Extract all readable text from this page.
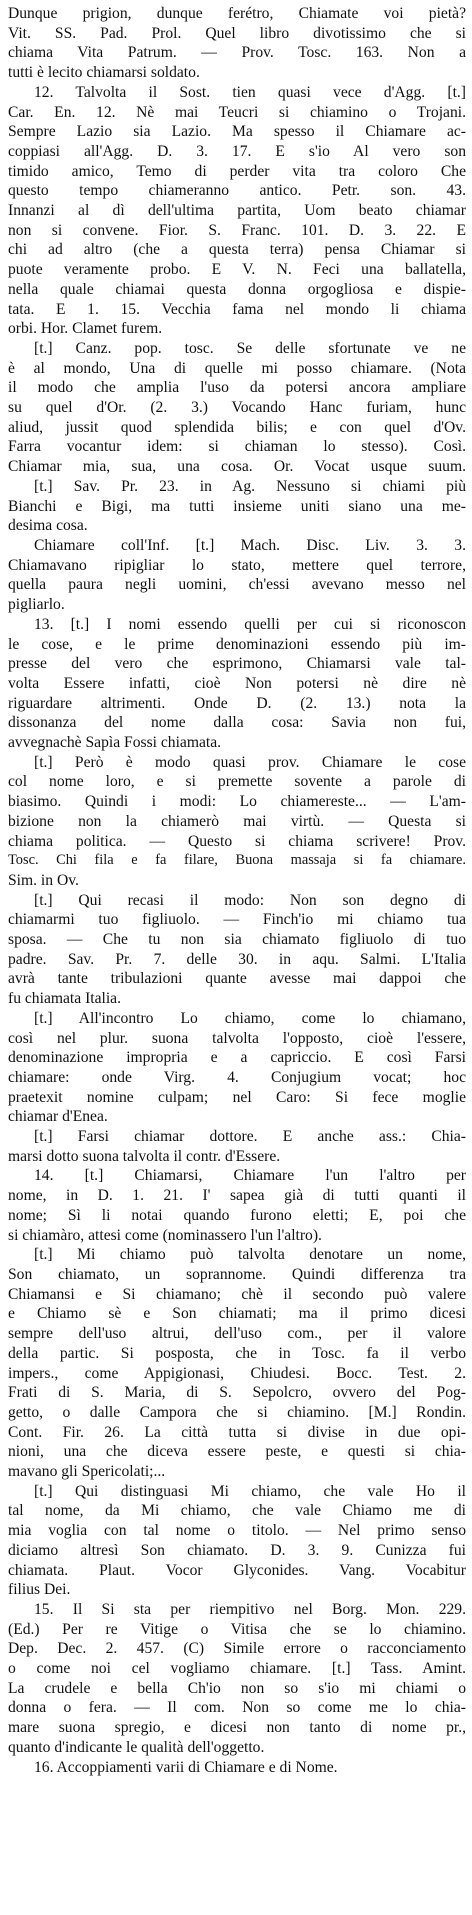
Dunque prigion, dunque ferétro, Chiamate voi pietà?
Vit. SS. Pad. Prol. Quel libro divotissimo che si
chiama Vita Patrum. — Prov. Tosc. 163. Non a
tutti è lecito chiamarsi soldato.
12. Talvolta il Sost. tien quasi vece d'Agg. [t.]
Car. En. 12. Nè mai Teucri si chiamino o Trojani.
Sempre Lazio sia Lazio. Ma spesso il Chiamare ac-
coppiasi all'Agg. D. 3. 17. E s'io Al vero son
timido amico, Temo di perder vita tra coloro Che
questo tempo chiameranno antico. Petr. son. 43.
Innanzi al dì dell'ultima partita, Uom beato chiamar
non si convene. Fior. S. Franc. 101. D. 3. 22. E
chi ad altro (che a questa terra) pensa Chiamar si
puote veramente probo. E V. N. Feci una ballatella,
nella quale chiamai questa donna orgogliosa e dispie-
tata. E 1. 15. Vecchia fama nel mondo li chiama
orbi. Hor. Clamet furem.
[t.] Canz. pop. tosc. Se delle sfortunate ve ne
è al mondo, Una di quelle mi posso chiamare. (Nota
il modo che amplia l'uso da potersi ancora ampliare
su quel d'Or. (2. 3.) Vocando Hanc furiam, hunc
aliud, jussit quod splendida bilis; e con quel d'Ov.
Farra vocantur idem: si chiaman lo stesso). Così.
Chiamar mia, sua, una cosa. Or. Vocat usque suum.
[t.] Sav. Pr. 23. in Ag. Nessuno si chiami più
Bianchi e Bigi, ma tutti insieme uniti siano una me-
desima cosa.
Chiamare coll'Inf. [t.] Mach. Disc. Liv. 3. 3.
Chiamavano ripigliar lo stato, mettere quel terrore,
quella paura negli uomini, ch'essi avevano messo nel
pigliarlo.
13. [t.] I nomi essendo quelli per cui si riconoscon
le cose, e le prime denominazioni essendo più im-
presse del vero che esprimono, Chiamarsi vale tal-
volta Essere infatti, cioè Non potersi nè dire nè
riguardare altrimenti. Onde D. (2. 13.) nota la
dissonanza del nome dalla cosa: Savia non fui,
avvegnachè Sapìa Fossi chiamata.
[t.] Però è modo quasi prov. Chiamare le cose
col nome loro, e si premette sovente a parole di
biasimo. Quindi i modi: Lo chiamereste... — L'am-
bizione non la chiamerò mai virtù. — Questa si
chiama politica. — Questo si chiama scrivere! Prov.
Tosc. Chi fila e fa filare, Buona massaja si fa chiamare.
Sim. in Ov.
[t.] Qui recasi il modo: Non son degno di
chiamarmi tuo figliuolo. — Finch'io mi chiamo tua
sposa. — Che tu non sia chiamato figliuolo di tuo
padre. Sav. Pr. 7. delle 30. in aqu. Salmi. L'Italia
avrà tante tribulazioni quante avesse mai dappoi che
fu chiamata Italia.
[t.] All'incontro Lo chiamo, come lo chiamano,
così nel plur. suona talvolta l'opposto, cioè l'essere,
denominazione impropria e a capriccio. E così Farsi
chiamare: onde Virg. 4. Conjugium vocat; hoc
praetexit nomine culpam; nel Caro: Si fece moglie
chiamar d'Enea.
[t.] Farsi chiamar dottore. E anche ass.: Chia-
marsi dotto suona talvolta il contr. d'Essere.
14. [t.] Chiamarsi, Chiamare l'un l'altro per
nome, in D. 1. 21. I' sapea già di tutti quanti il
nome; Sì li notai quando furono eletti; E, poi che
si chiamàro, attesi come (nominassero l'un l'altro).
[t.] Mi chiamo può talvolta denotare un nome,
Son chiamato, un soprannome. Quindi differenza tra
Chiamansi e Si chiamano; chè il secondo può valere
e Chiamo sè e Son chiamati; ma il primo dicesi
sempre dell'uso altrui, dell'uso com., per il valore
della partic. Si posposta, che in Tosc. fa il verbo
impers., come Appigionasi, Chiudesi. Bocc. Test. 2.
Frati di S. Maria, di S. Sepolcro, ovvero del Pog-
getto, o dalle Campora che si chiamino. [M.] Rondin.
Cont. Fir. 26. La città tutta si divise in due opi-
nioni, una che diceva essere peste, e questi si chia-
mavano gli Spericolati;...
[t.] Qui distinguasi Mi chiamo, che vale Ho il
tal nome, da Mi chiamo, che vale Chiamo me di
mia voglia con tal nome o titolo. — Nel primo senso
diciamo altresì Son chiamato. D. 3. 9. Cunizza fui
chiamata. Plaut. Vocor Glyconides. Vang. Vocabitur
filius Dei.
15. Il Si sta per riempitivo nel Borg. Mon. 229.
(Ed.) Per re Vitige o Vitisa che se lo chiamino.
Dep. Dec. 2. 457. (C) Simile errore o racconciamento
o come noi cel vogliamo chiamare. [t.] Tass. Amint.
La crudele e bella Ch'io non so s'io mi chiami o
donna o fera. — Il com. Non so come me lo chia-
mare suona spregio, e dicesi non tanto di nome pr.,
quanto d'indicante le qualità dell'oggetto.
16. Accoppiamenti varii di Chiamare e di Nome.
